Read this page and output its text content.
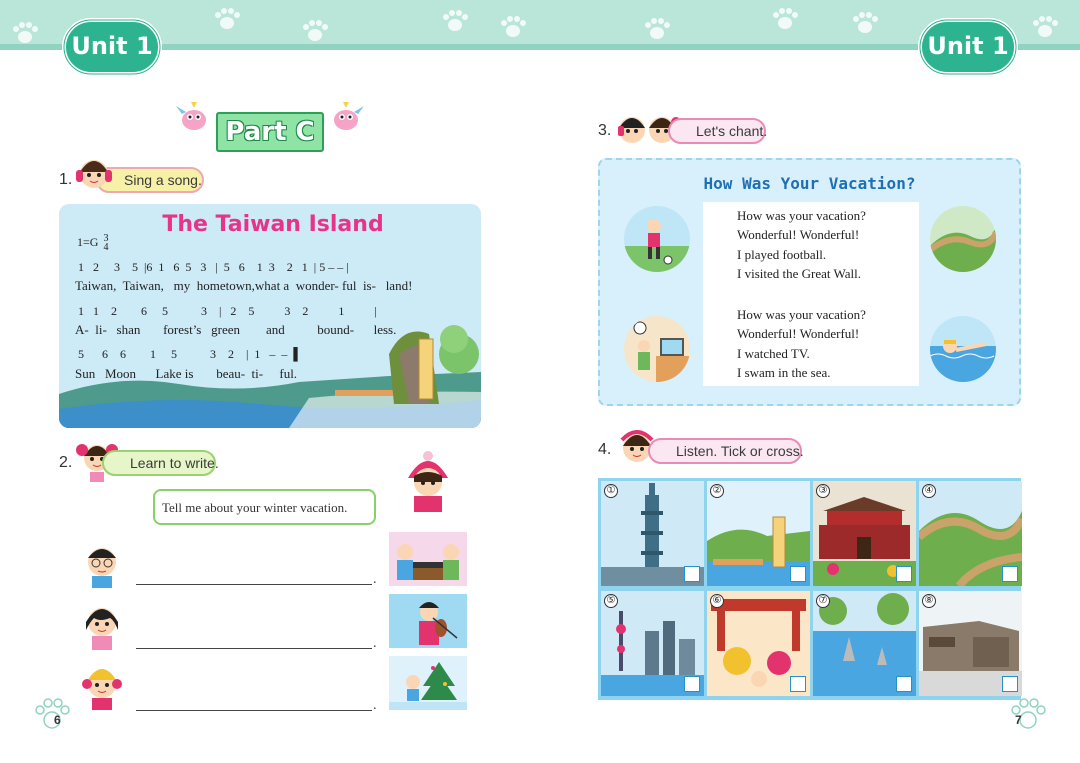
Unit 1	Unit 1
Part C
1.	Sing a song.
The Taiwan Island
1=G 3
4
1   2     3    5  |6  1   6  5   3   |  5   6    1  3    2   1  | 5 – – |
Taiwan,  Taiwan,   my  hometown,what a  wonder- ful  is-   land!
1   1    2        6     5           3    |   2    5          3    2          1          |
A-  li-   shan       forest’s   green        and          bound-      less.
5      6    6        1     5           3    2    |  1   –  –  ▌
Sun   Moon      Lake is       beau-  ti-     ful.
2.	Learn to write.
Tell me about your winter vacation.
.
.
.
6
3.	Let's chant.
How Was Your Vacation?
How was your vacation?
Wonderful! Wonderful!
I played football.
I visited the Great Wall.
How was your vacation?
Wonderful! Wonderful!
I watched TV.
I swam in the sea.
4.	Listen. Tick or cross.
①	②	③	④
⑤	⑥	⑦	⑧
7
